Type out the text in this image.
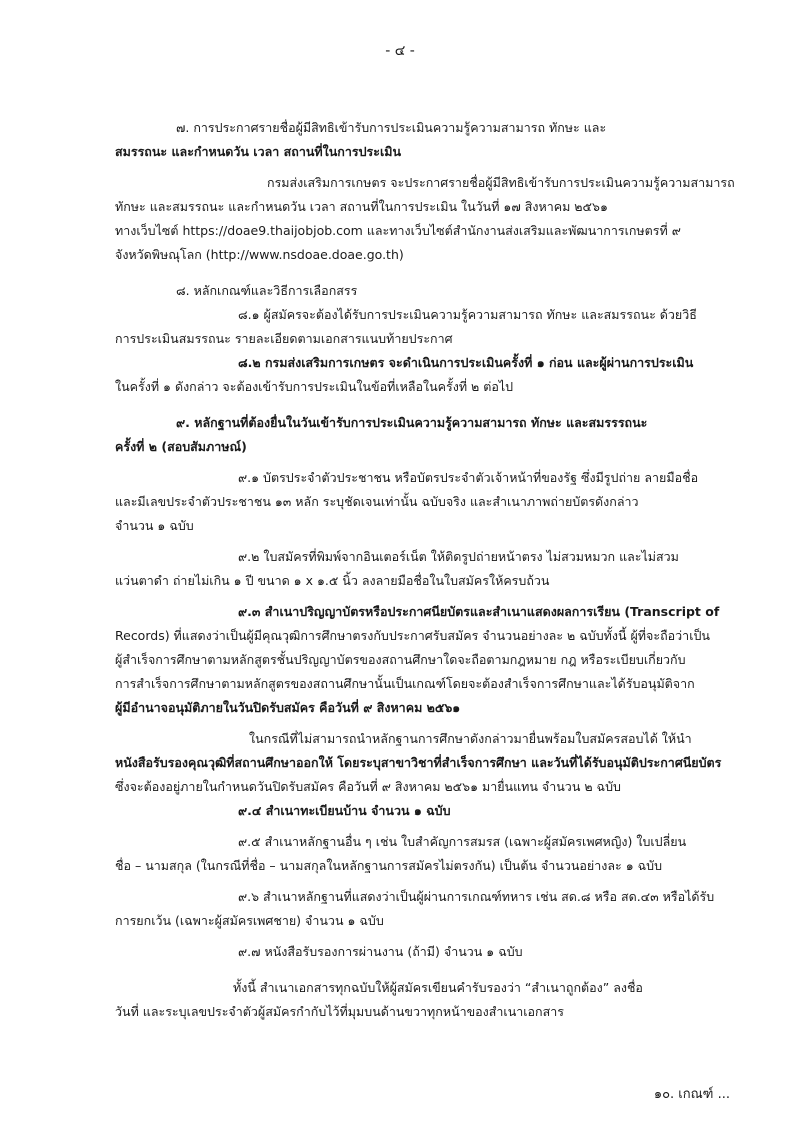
- ๔ -

๗. การประกาศรายชื่อผู้มีสิทธิเข้ารับการประเมินความรู้ความสามารถ ทักษะ และ

สมรรถนะ และกำหนดวัน เวลา สถานที่ในการประเมิน

กรมส่งเสริมการเกษตร จะประกาศรายชื่อผู้มีสิทธิเข้ารับการประเมินความรู้ความสามารถ

ทักษะ และสมรรถนะ และกำหนดวัน เวลา สถานที่ในการประเมิน ในวันที่ ๑๗ สิงหาคม ๒๕๖๑

ทางเว็บไซต์ https://doae9.thaijobjob.com และทางเว็บไซต์สำนักงานส่งเสริมและพัฒนาการเกษตรที่ ๙

จังหวัดพิษณุโลก (http://www.nsdoae.doae.go.th)

๘. หลักเกณฑ์และวิธีการเลือกสรร

๘.๑ ผู้สมัครจะต้องได้รับการประเมินความรู้ความสามารถ ทักษะ และสมรรถนะ ด้วยวิธี

การประเมินสมรรถนะ รายละเอียดตามเอกสารแนบท้ายประกาศ

๘.๒ กรมส่งเสริมการเกษตร จะดำเนินการประเมินครั้งที่ ๑ ก่อน และผู้ผ่านการประเมิน

ในครั้งที่ ๑ ดังกล่าว จะต้องเข้ารับการประเมินในข้อที่เหลือในครั้งที่ ๒ ต่อไป

๙. หลักฐานที่ต้องยื่นในวันเข้ารับการประเมินความรู้ความสามารถ ทักษะ และสมรรรถนะ

ครั้งที่ ๒ (สอบสัมภาษณ์)

๙.๑ บัตรประจำตัวประชาชน หรือบัตรประจำตัวเจ้าหน้าที่ของรัฐ ซึ่งมีรูปถ่าย ลายมือชื่อ

และมีเลขประจำตัวประชาชน ๑๓ หลัก ระบุชัดเจนเท่านั้น ฉบับจริง และสำเนาภาพถ่ายบัตรดังกล่าว

จำนวน ๑ ฉบับ

๙.๒ ใบสมัครที่พิมพ์จากอินเตอร์เน็ต ให้ติดรูปถ่ายหน้าตรง ไม่สวมหมวก และไม่สวม

แว่นตาดำ ถ่ายไม่เกิน ๑ ปี ขนาด ๑ x ๑.๕ นิ้ว ลงลายมือชื่อในใบสมัครให้ครบถ้วน

๙.๓ สำเนาปริญญาบัตรหรือประกาศนียบัตรและสำเนาแสดงผลการเรียน (Transcript of

Records) ที่แสดงว่าเป็นผู้มีคุณวุฒิการศึกษาตรงกับประกาศรับสมัคร จำนวนอย่างละ ๒ ฉบับทั้งนี้ ผู้ที่จะถือว่าเป็น

ผู้สำเร็จการศึกษาตามหลักสูตรชั้นปริญญาบัตรของสถานศึกษาใดจะถือตามกฎหมาย กฎ หรือระเบียบเกี่ยวกับ

การสำเร็จการศึกษาตามหลักสูตรของสถานศึกษานั้นเป็นเกณฑ์โดยจะต้องสำเร็จการศึกษาและได้รับอนุมัติจาก

ผู้มีอำนาจอนุมัติภายในวันปิดรับสมัคร คือวันที่ ๙ สิงหาคม ๒๕๖๑

ในกรณีที่ไม่สามารถนำหลักฐานการศึกษาดังกล่าวมายื่นพร้อมใบสมัครสอบได้ ให้นำ

หนังสือรับรองคุณวุฒิที่สถานศึกษาออกให้ โดยระบุสาขาวิชาที่สำเร็จการศึกษา และวันที่ได้รับอนุมัติประกาศนียบัตร

ซึ่งจะต้องอยู่ภายในกำหนดวันปิดรับสมัคร คือวันที่ ๙ สิงหาคม ๒๕๖๑ มายื่นแทน จำนวน ๒ ฉบับ

๙.๔ สำเนาทะเบียนบ้าน จำนวน ๑ ฉบับ

๙.๕ สำเนาหลักฐานอื่น ๆ เช่น ใบสำคัญการสมรส (เฉพาะผู้สมัครเพศหญิง) ใบเปลี่ยน

ชื่อ – นามสกุล (ในกรณีที่ชื่อ – นามสกุลในหลักฐานการสมัครไม่ตรงกัน) เป็นต้น จำนวนอย่างละ ๑ ฉบับ

๙.๖ สำเนาหลักฐานที่แสดงว่าเป็นผู้ผ่านการเกณฑ์ทหาร เช่น สด.๘ หรือ สด.๔๓ หรือได้รับ

การยกเว้น (เฉพาะผู้สมัครเพศชาย) จำนวน ๑ ฉบับ

๙.๗ หนังสือรับรองการผ่านงาน (ถ้ามี) จำนวน ๑ ฉบับ

ทั้งนี้ สำเนาเอกสารทุกฉบับให้ผู้สมัครเขียนคำรับรองว่า “สำเนาถูกต้อง” ลงชื่อ

วันที่ และระบุเลขประจำตัวผู้สมัครกำกับไว้ที่มุมบนด้านขวาทุกหน้าของสำเนาเอกสาร

๑๐. เกณฑ์ ...
